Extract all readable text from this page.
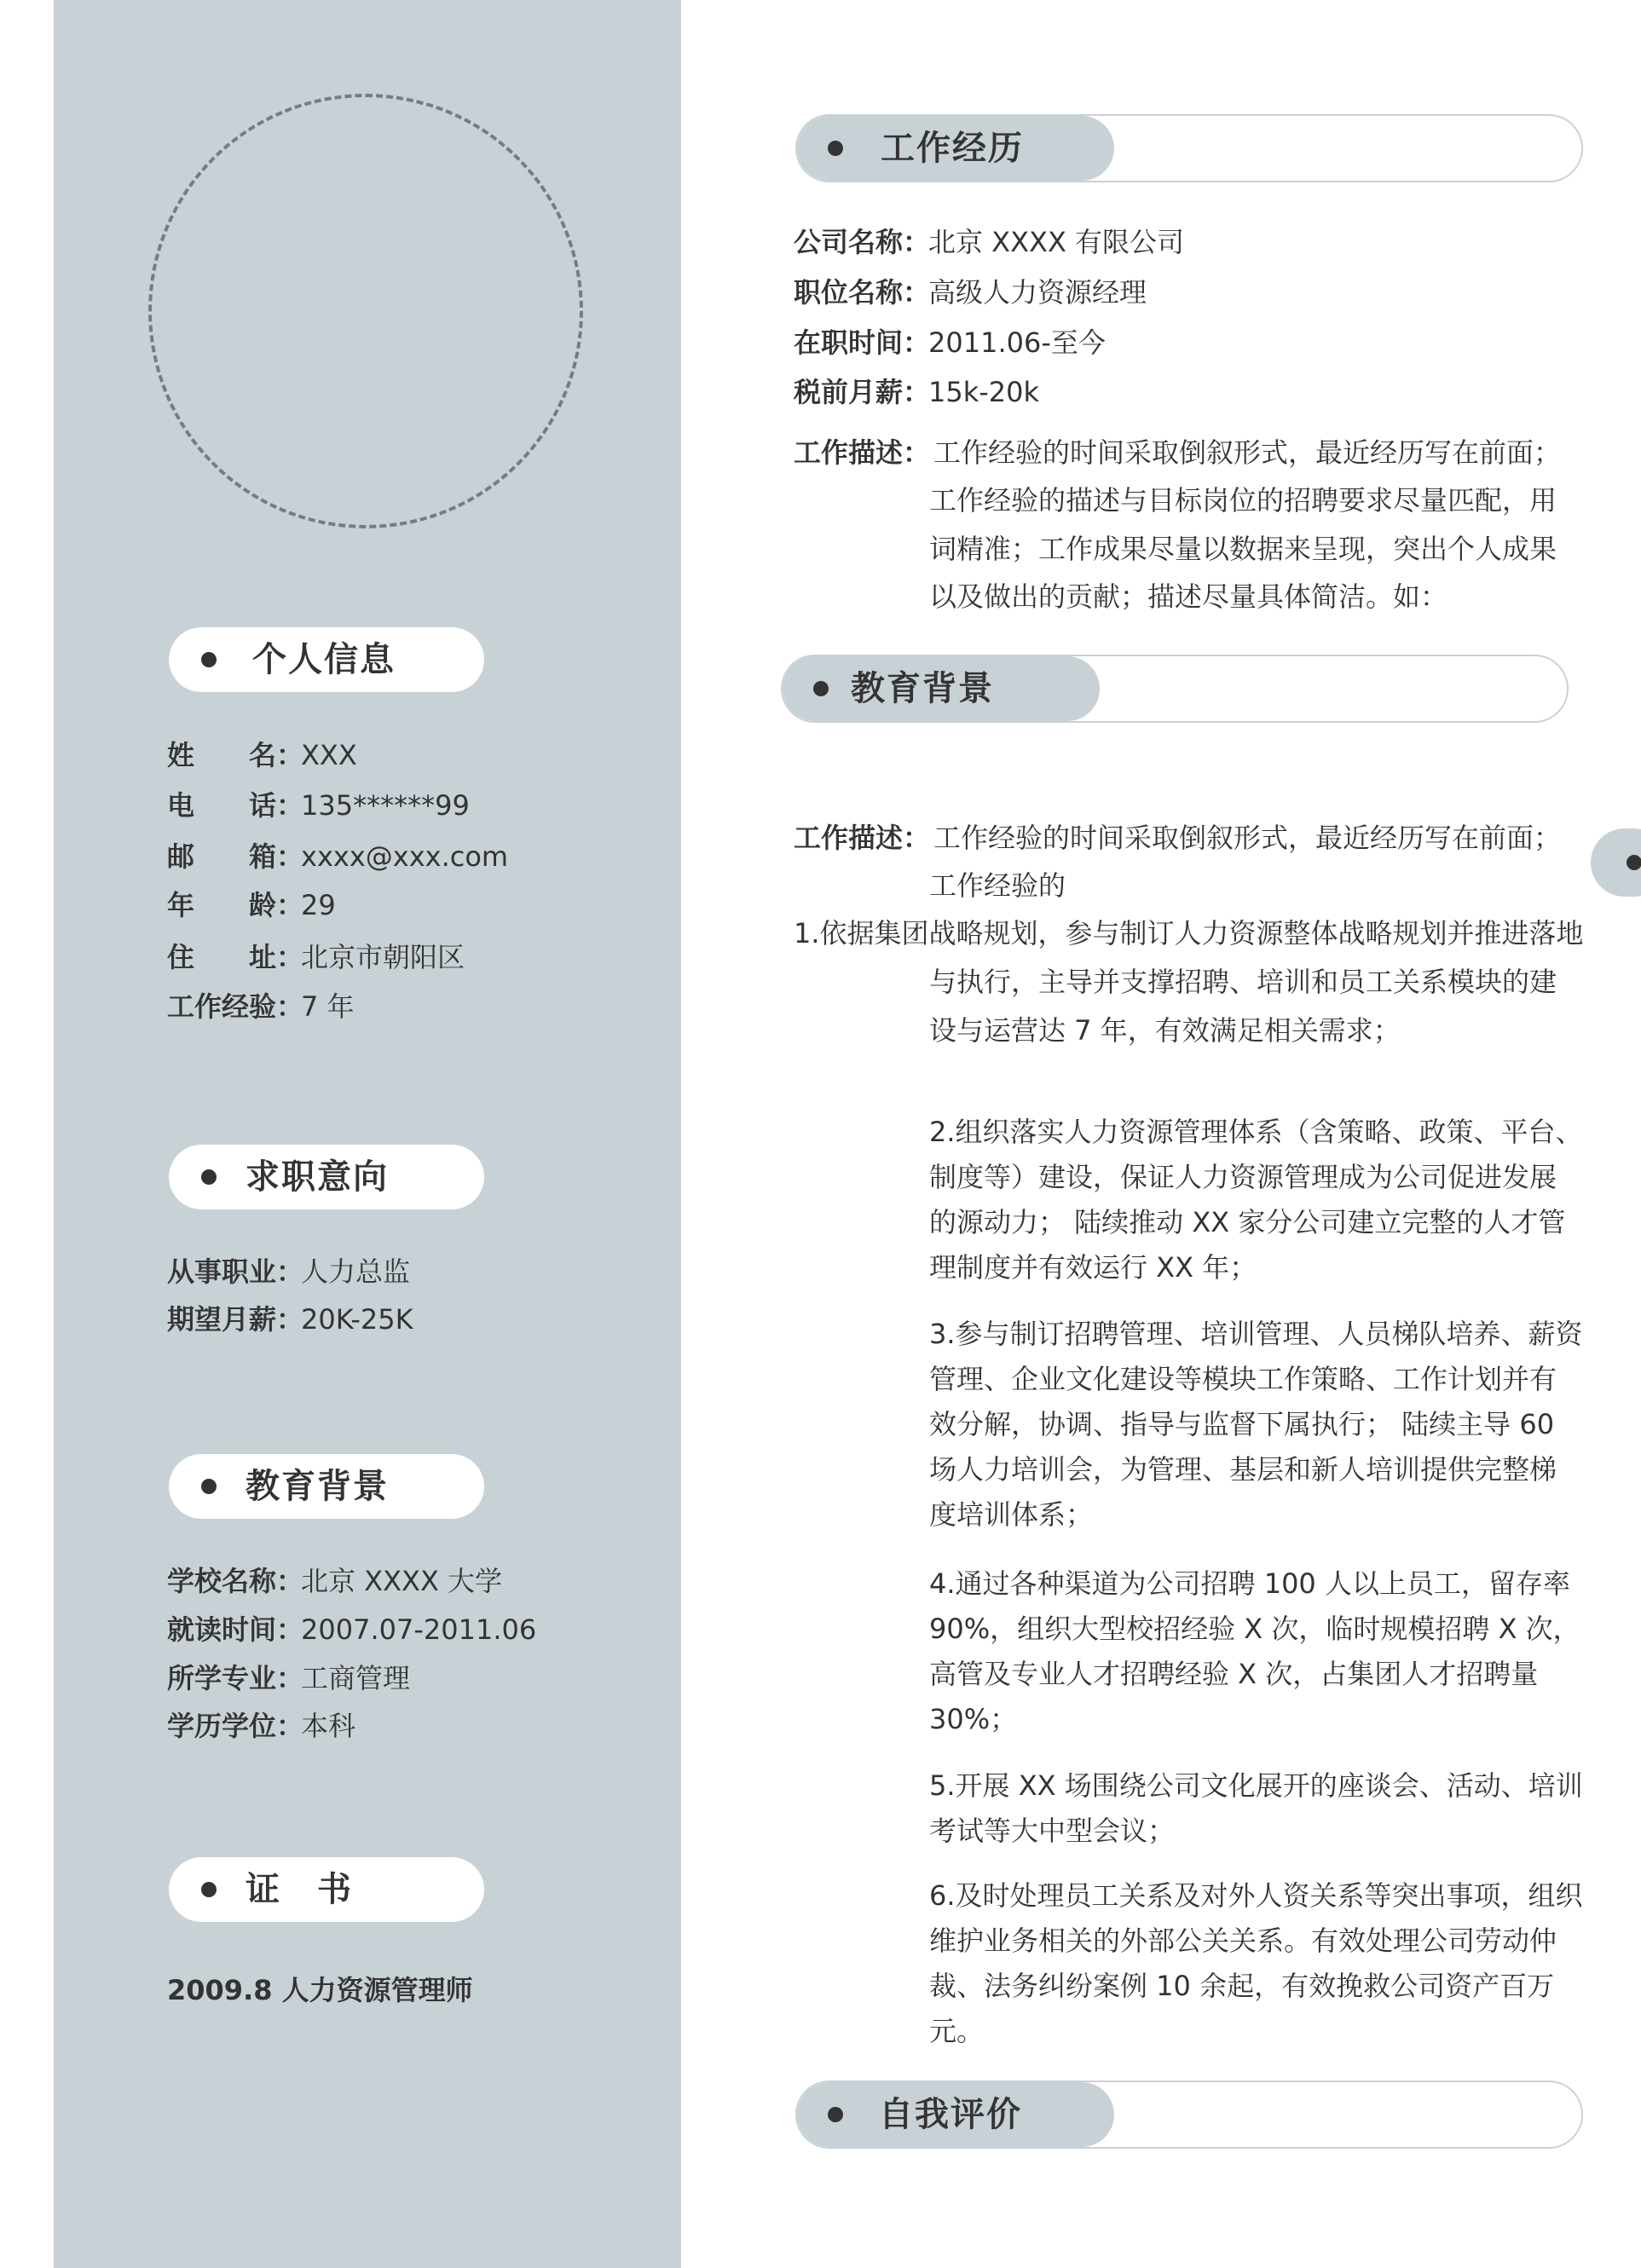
个人信息
姓　　名：XXX
电　　话：135******99
邮　　箱：xxxx@xxx.com
年　　龄：29
住　　址：北京市朝阳区
工作经验：7 年
求职意向
从事职业：人力总监
期望月薪：20K-25K
教育背景
学校名称：北京 XXXX 大学
就读时间：2007.07-2011.06
所学专业：工商管理
学历学位：本科
证　书
2009.8 人力资源管理师
工作经历
公司名称：北京 XXXX 有限公司
职位名称：高级人力资源经理
在职时间：2011.06-至今
税前月薪：15k-20k
工作描述： 工作经验的时间采取倒叙形式，最近经历写在前面；
工作经验的描述与目标岗位的招聘要求尽量匹配，用
词精准；工作成果尽量以数据来呈现，突出个人成果
以及做出的贡献；描述尽量具体简洁。如：
教育背景
工作描述： 工作经验的时间采取倒叙形式，最近经历写在前面；
工作经验的
1.依据集团战略规划，参与制订人力资源整体战略规划并推进落地
与执行，主导并支撑招聘、培训和员工关系模块的建
设与运营达 7 年，有效满足相关需求；
2.组织落实人力资源管理体系（含策略、政策、平台、
制度等）建设，保证人力资源管理成为公司促进发展
的源动力； 陆续推动 XX 家分公司建立完整的人才管
理制度并有效运行 XX 年；
3.参与制订招聘管理、培训管理、人员梯队培养、薪资
管理、企业文化建设等模块工作策略、工作计划并有
效分解，协调、指导与监督下属执行； 陆续主导 60
场人力培训会，为管理、基层和新人培训提供完整梯
度培训体系；
4.通过各种渠道为公司招聘 100 人以上员工，留存率
90%，组织大型校招经验 X 次，临时规模招聘 X 次，
高管及专业人才招聘经验 X 次，占集团人才招聘量
30%；
5.开展 XX 场围绕公司文化展开的座谈会、活动、培训
考试等大中型会议；
6.及时处理员工关系及对外人资关系等突出事项，组织
维护业务相关的外部公关关系。有效处理公司劳动仲
裁、法务纠纷案例 10 余起，有效挽救公司资产百万
元。
自我评价
